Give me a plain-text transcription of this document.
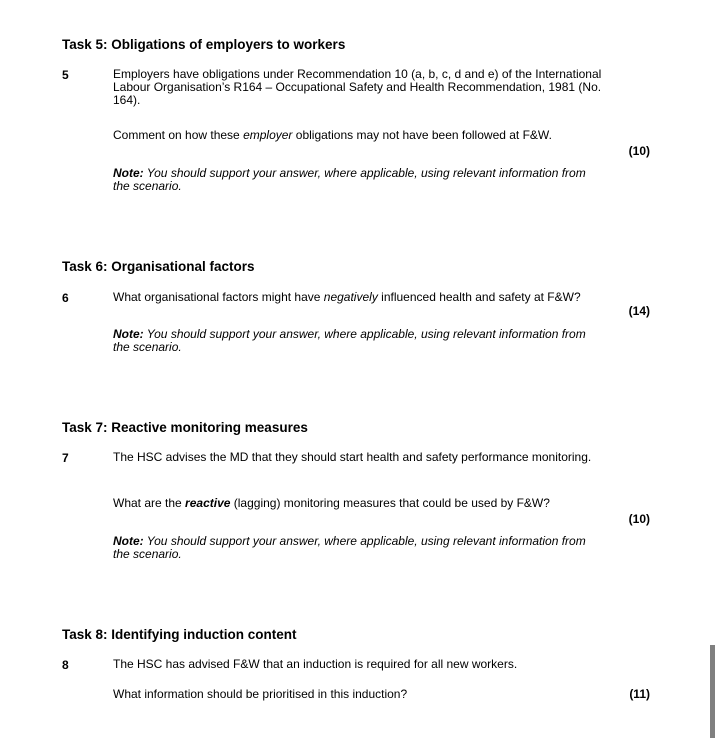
Task 5: Obligations of employers to workers
5	Employers have obligations under Recommendation 10 (a, b, c, d and e) of the International Labour Organisation’s R164 – Occupational Safety and Health Recommendation, 1981 (No. 164).

Comment on how these employer obligations may not have been followed at F&W.

(10)

Note: You should support your answer, where applicable, using relevant information from the scenario.

Task 6: Organisational factors
6	What organisational factors might have negatively influenced health and safety at F&W?

(14)

Note: You should support your answer, where applicable, using relevant information from the scenario.

Task 7: Reactive monitoring measures
7	The HSC advises the MD that they should start health and safety performance monitoring.

What are the reactive (lagging) monitoring measures that could be used by F&W?

(10)

Note: You should support your answer, where applicable, using relevant information from the scenario.

Task 8: Identifying induction content
8	The HSC has advised F&W that an induction is required for all new workers.

What information should be prioritised in this induction?	(11)
